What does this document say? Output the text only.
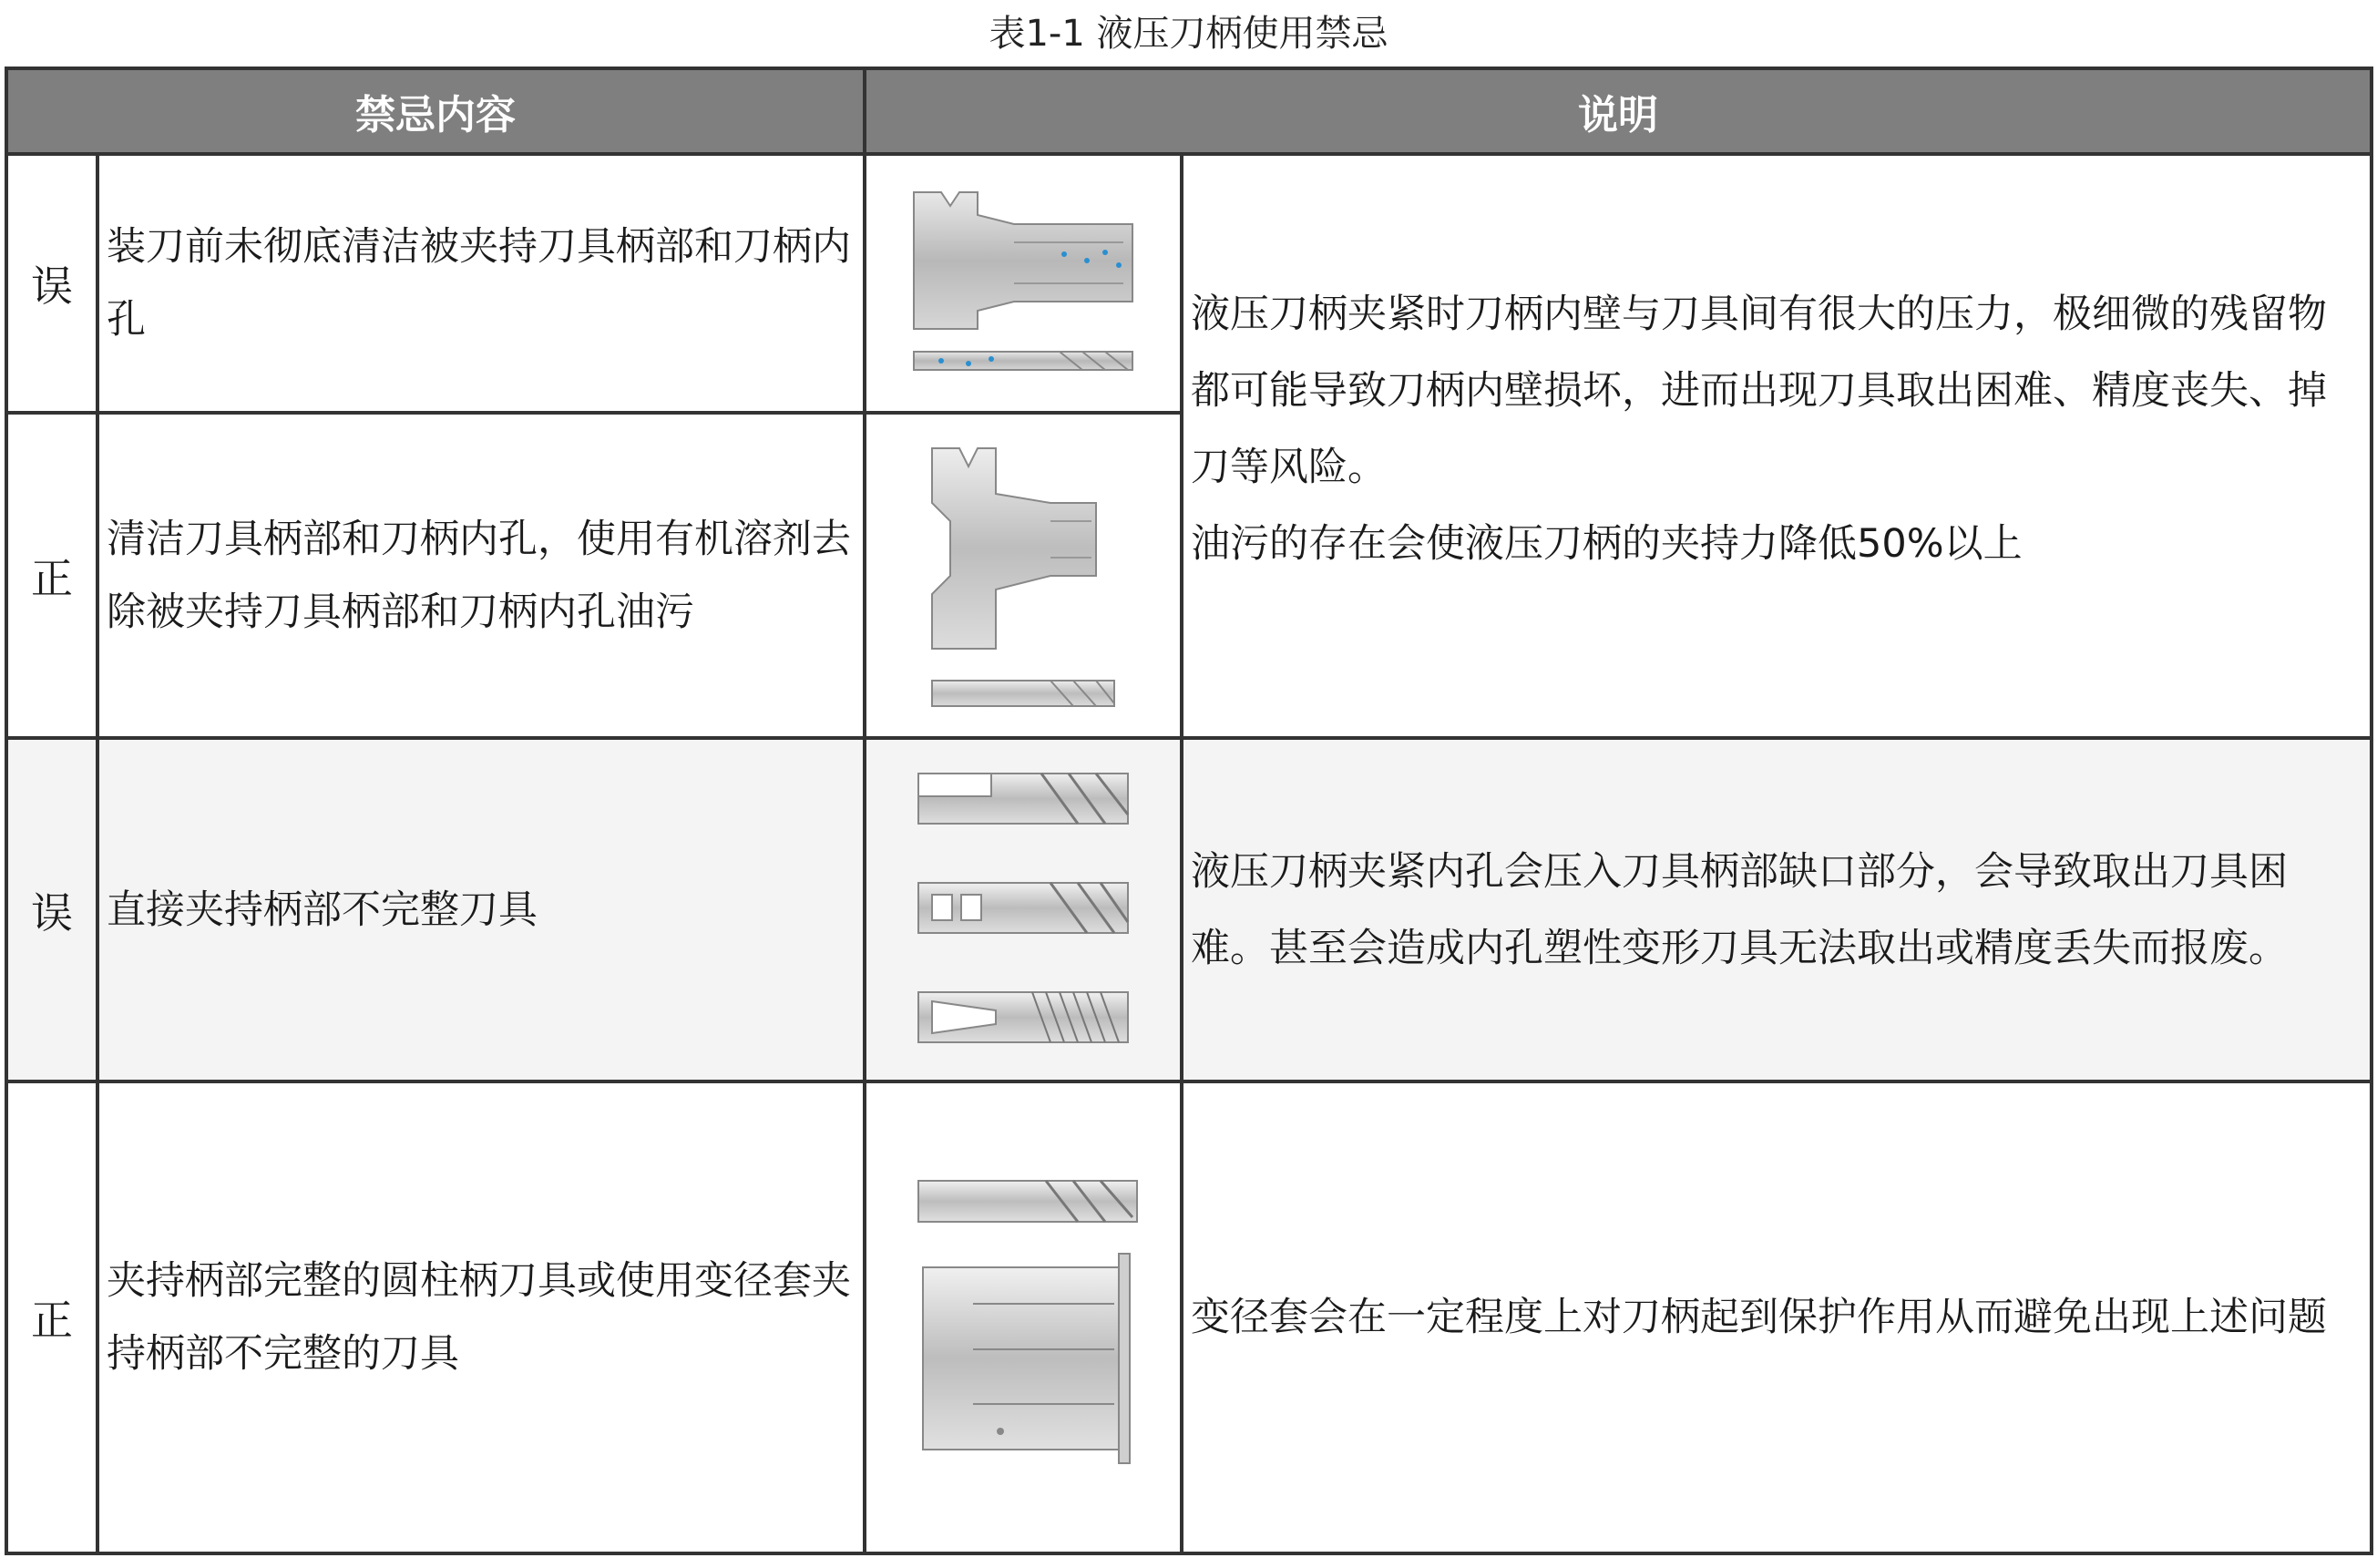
表1-1 液压刀柄使用禁忌
禁忌内容		说明	
误	装刀前未彻底清洁被夹持刀具柄部和刀柄内孔		液压刀柄夹紧时刀柄内壁与刀具间有很大的压力，极细微的残留物都可能导致刀柄内壁损坏，进而出现刀具取出困难、精度丧失、掉刀等风险。
油污的存在会使液压刀柄的夹持力降低50%以上

正	清洁刀具柄部和刀柄内孔，使用有机溶剂去除被夹持刀具柄部和刀柄内孔油污	

误	直接夹持柄部不完整刀具		液压刀柄夹紧内孔会压入刀具柄部缺口部分，会导致取出刀具困难。甚至会造成内孔塑性变形刀具无法取出或精度丢失而报废。
正	夹持柄部完整的圆柱柄刀具或使用变径套夹持柄部不完整的刀具		变径套会在一定程度上对刀柄起到保护作用从而避免出现上述问题
